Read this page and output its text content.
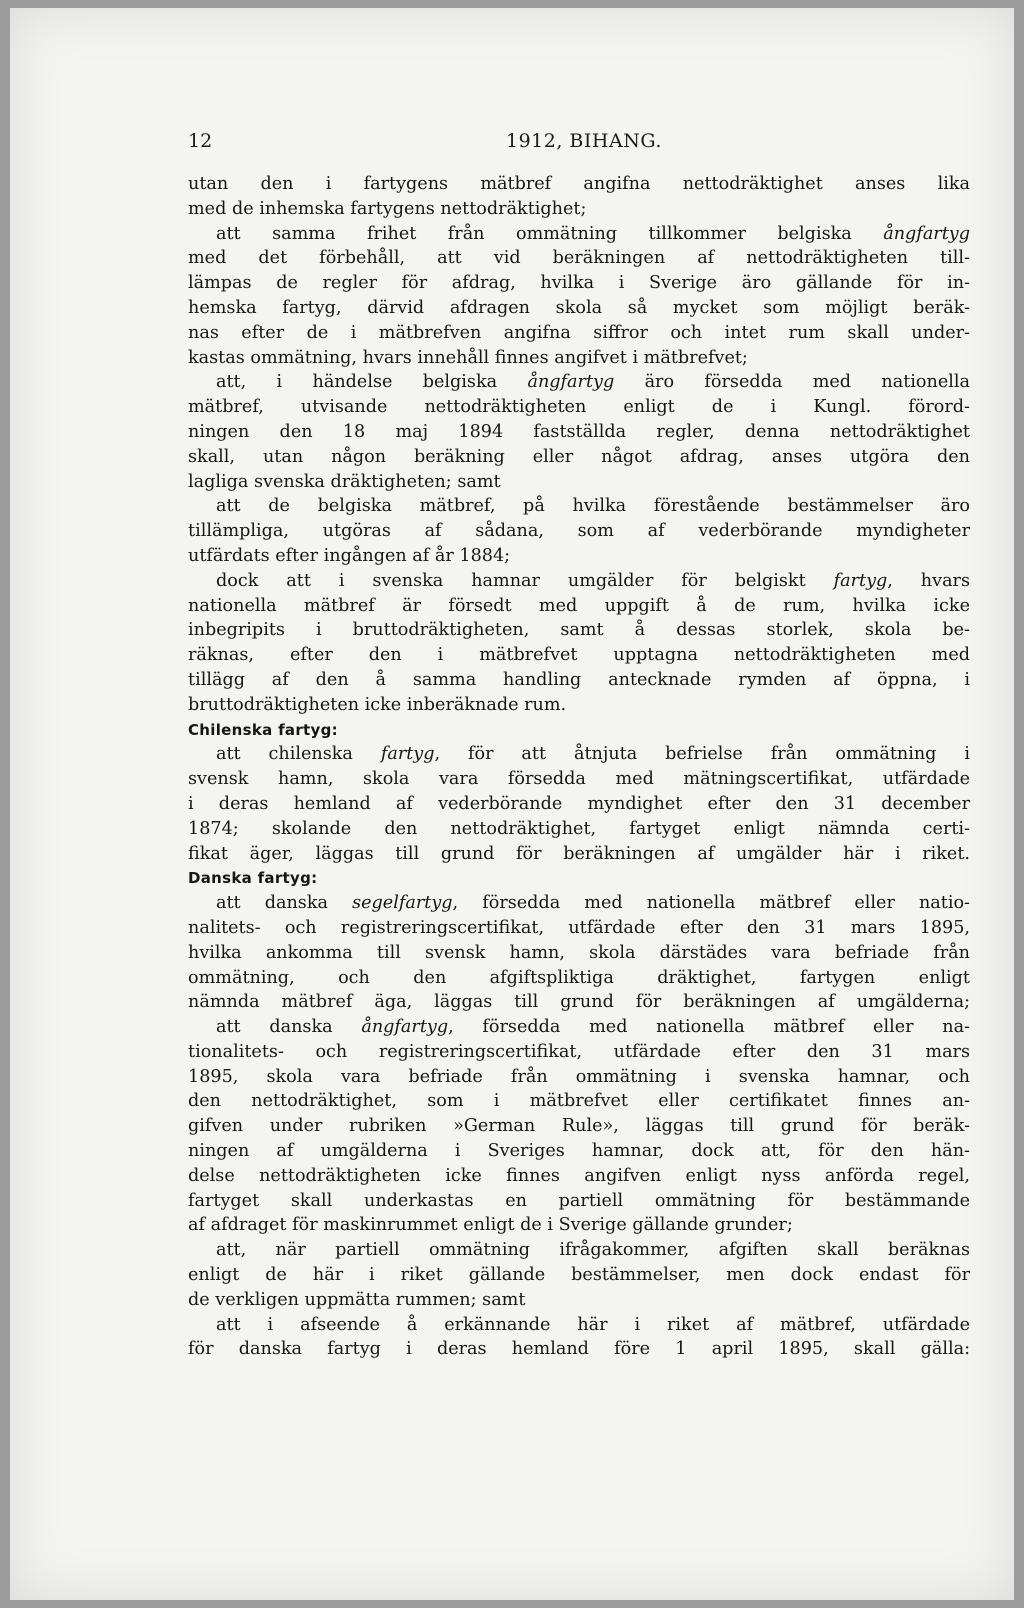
12	1912, BIHANG.
utan den i fartygens mätbref angifna nettodräktighet anses lika
med de inhemska fartygens nettodräktighet;
att samma frihet från ommätning tillkommer belgiska ångfartyg
med det förbehåll, att vid beräkningen af nettodräktigheten till-
lämpas de regler för afdrag, hvilka i Sverige äro gällande för in-
hemska fartyg, därvid afdragen skola så mycket som möjligt beräk-
nas efter de i mätbrefven angifna siffror och intet rum skall under-
kastas ommätning, hvars innehåll finnes angifvet i mätbrefvet;
att, i händelse belgiska ångfartyg äro försedda med nationella
mätbref, utvisande nettodräktigheten enligt de i Kungl. förord-
ningen den 18 maj 1894 fastställda regler, denna nettodräktighet
skall, utan någon beräkning eller något afdrag, anses utgöra den
lagliga svenska dräktigheten; samt
att de belgiska mätbref, på hvilka förestående bestämmelser äro
tillämpliga, utgöras af sådana, som af vederbörande myndigheter
utfärdats efter ingången af år 1884;
dock att i svenska hamnar umgälder för belgiskt fartyg, hvars
nationella mätbref är försedt med uppgift å de rum, hvilka icke
inbegripits i bruttodräktigheten, samt å dessas storlek, skola be-
räknas, efter den i mätbrefvet upptagna nettodräktigheten med
tillägg af den å samma handling antecknade rymden af öppna, i
bruttodräktigheten icke inberäknade rum.
Chilenska fartyg:
att chilenska fartyg, för att åtnjuta befrielse från ommätning i
svensk hamn, skola vara försedda med mätningscertifikat, utfärdade
i deras hemland af vederbörande myndighet efter den 31 december
1874; skolande den nettodräktighet, fartyget enligt nämnda certi-
fikat äger, läggas till grund för beräkningen af umgälder här i riket.
Danska fartyg:
att danska segelfartyg, försedda med nationella mätbref eller natio-
nalitets- och registreringscertifikat, utfärdade efter den 31 mars 1895,
hvilka ankomma till svensk hamn, skola därstädes vara befriade från
ommätning, och den afgiftspliktiga dräktighet, fartygen enligt
nämnda mätbref äga, läggas till grund för beräkningen af umgälderna;
att danska ångfartyg, försedda med nationella mätbref eller na-
tionalitets- och registreringscertifikat, utfärdade efter den 31 mars
1895, skola vara befriade från ommätning i svenska hamnar, och
den nettodräktighet, som i mätbrefvet eller certifikatet finnes an-
gifven under rubriken »German Rule», läggas till grund för beräk-
ningen af umgälderna i Sveriges hamnar, dock att, för den hän-
delse nettodräktigheten icke finnes angifven enligt nyss anförda regel,
fartyget skall underkastas en partiell ommätning för bestämmande
af afdraget för maskinrummet enligt de i Sverige gällande grunder;
att, när partiell ommätning ifrågakommer, afgiften skall beräknas
enligt de här i riket gällande bestämmelser, men dock endast för
de verkligen uppmätta rummen; samt
att i afseende å erkännande här i riket af mätbref, utfärdade
för danska fartyg i deras hemland före 1 april 1895, skall gälla:
